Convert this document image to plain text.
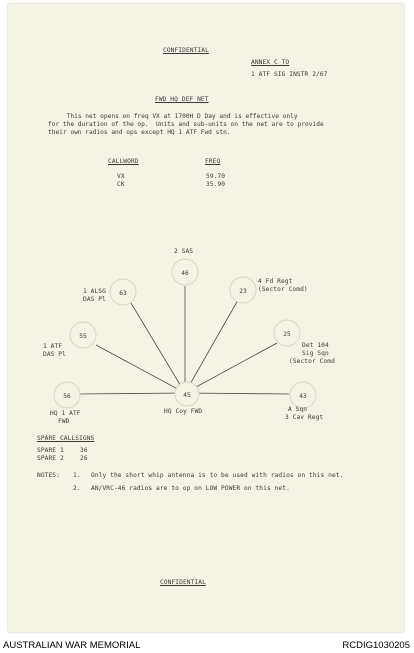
CONFIDENTIAL
ANNEX C TO
1 ATF SIG INSTR 2/67
FWD HQ DEF NET
This net opens on freq VX at 1700H D Day and is effective only
for the duration of the op.  Units and sub-units on the net are to provide
their own radios and ops except HQ 1 ATF Fwd stn.
CALLWORD	FREQ
VX	59.70
CK	35.90
45
46
63	23
55	25
56	43
2 SAS
1 ALSG
DAS Pl
4 Fd Regt
(Sector Comd)
1 ATF
DAS Pl
Det 104
Sig Sqn
(Sector Comd
HQ 1 ATF
FWD
A Sqn
3 Cav Regt
HQ Coy FWD
SPARE CALLSIGNS
SPARE 1	36
SPARE 2	26
NOTES: 1. Only the short whip antenna is to be used with radios on this net.
2. AN/VRC-46 radios are to op on LOW POWER on this net.
CONFIDENTIAL
AUSTRALIAN WAR MEMORIAL	RCDIG1030205
